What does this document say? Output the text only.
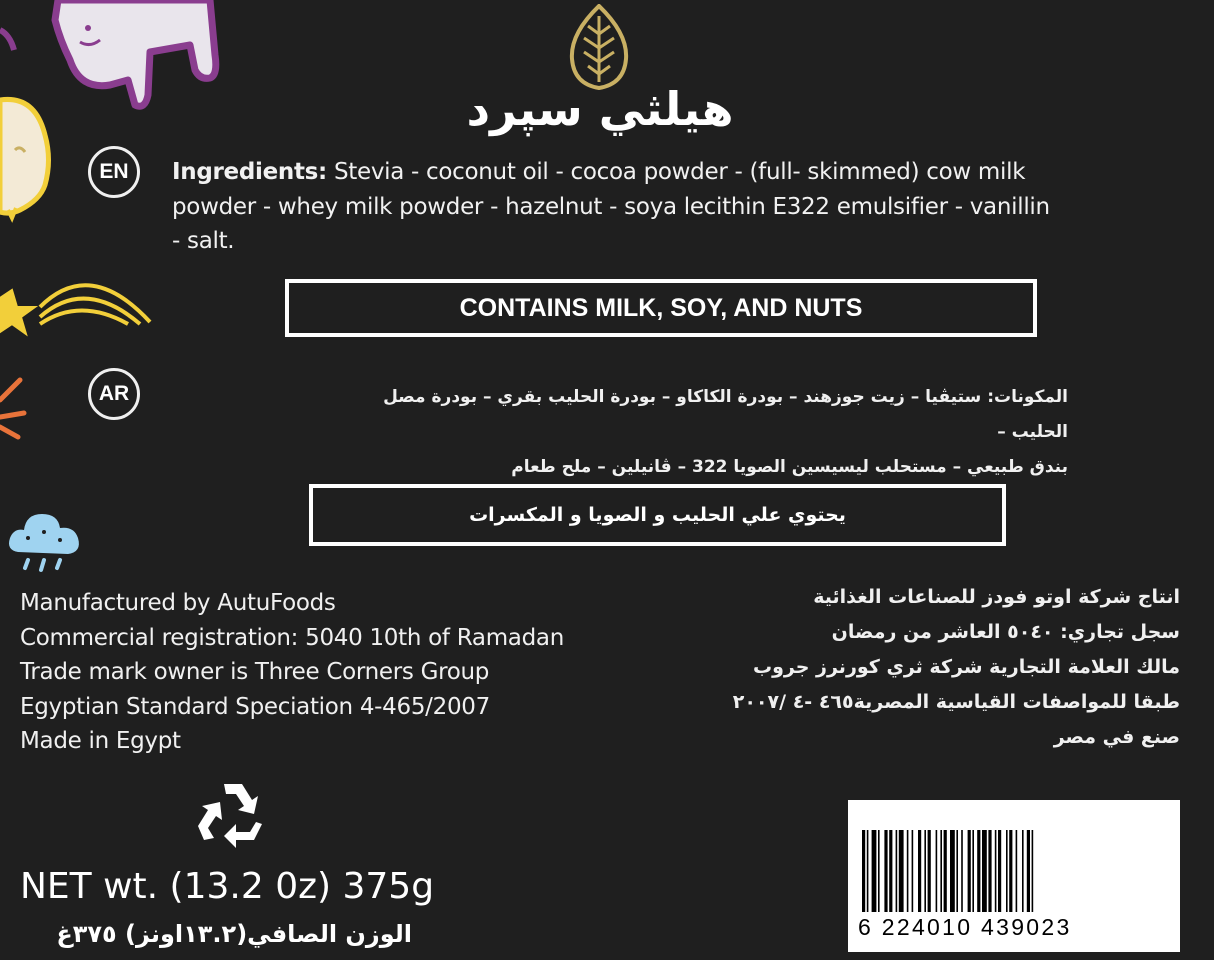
هيلثي سپرد
EN	Ingredients: Stevia - coconut oil - cocoa powder - (full- skimmed) cow milk powder - whey milk powder - hazelnut - soya lecithin E322 emulsifier - vanillin - salt.
CONTAINS MILK, SOY, AND NUTS
AR	المكونات: ستيڤيا – زيت جوزهند – بودرة الكاكاو – بودرة الحليب بقري – بودرة مصل الحليب –
بندق طبيعي – مستحلب ليسيسين الصويا 322 – ڤانيلين – ملح طعام
يحتوي علي الحليب و الصويا و المكسرات
Manufactured by AutuFoods
Commercial registration: 5040 10th of Ramadan
Trade mark owner is Three Corners Group
Egyptian Standard Speciation 4-465/2007
Made in Egypt
انتاج شركة اوتو فودز للصناعات الغذائية
سجل تجاري: ٥٠٤٠ العاشر من رمضان
مالك العلامة التجارية شركة ثري كورنرز جروب
طبقا للمواصفات القياسية المصرية٤٦٥ -٤ /٢٠٠٧
صنع في مصر
NET wt. (13.2 0z) 375g
الوزن الصافي(١٣.٢اونز) ٣٧٥غ	6 224010 439023
